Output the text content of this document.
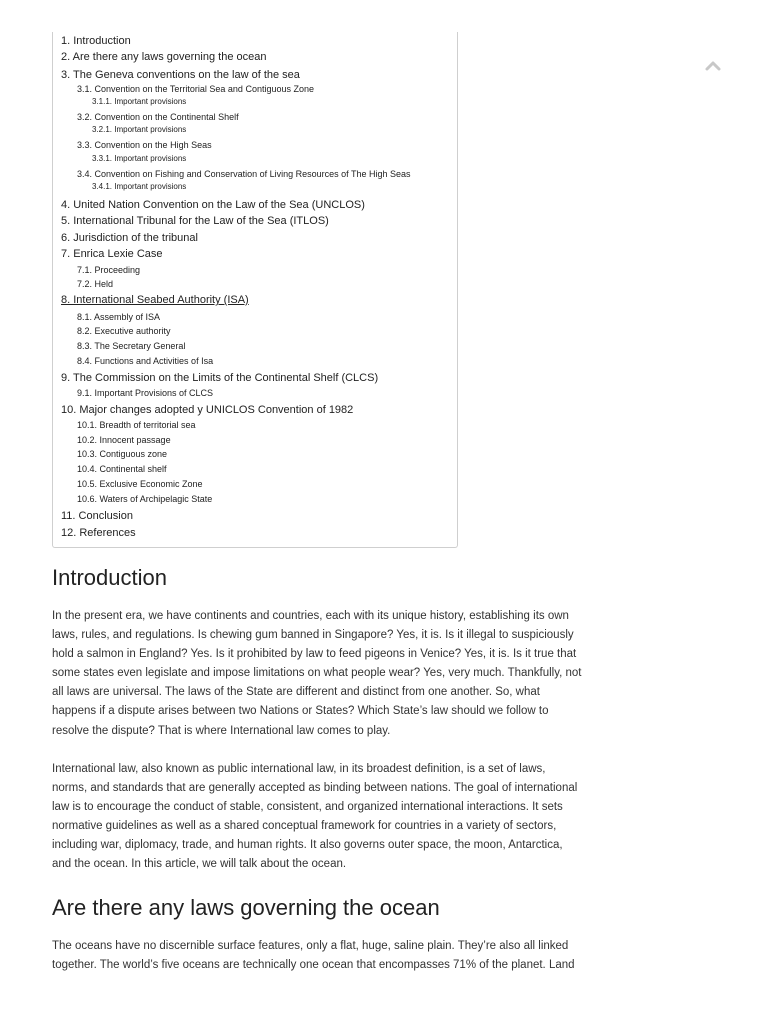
1. Introduction
2. Are there any laws governing the ocean
3. The Geneva conventions on the law of the sea
3.1. Convention on the Territorial Sea and Contiguous Zone
3.1.1. Important provisions
3.2. Convention on the Continental Shelf
3.2.1. Important provisions
3.3. Convention on the High Seas
3.3.1. Important provisions
3.4. Convention on Fishing and Conservation of Living Resources of The High Seas
3.4.1. Important provisions
4. United Nation Convention on the Law of the Sea (UNCLOS)
5. International Tribunal for the Law of the Sea (ITLOS)
6. Jurisdiction of the tribunal
7. Enrica Lexie Case
7.1. Proceeding
7.2. Held
8. International Seabed Authority (ISA)
8.1. Assembly of ISA
8.2. Executive authority
8.3. The Secretary General
8.4. Functions and Activities of Isa
9. The Commission on the Limits of the Continental Shelf (CLCS)
9.1. Important Provisions of CLCS
10. Major changes adopted y UNICLOS Convention of 1982
10.1. Breadth of territorial sea
10.2. Innocent passage
10.3. Contiguous zone
10.4. Continental shelf
10.5. Exclusive Economic Zone
10.6. Waters of Archipelagic State
11. Conclusion
12. References
Introduction

In the present era, we have continents and countries, each with its unique history, establishing its own laws, rules, and regulations. Is chewing gum banned in Singapore? Yes, it is. Is it illegal to suspiciously hold a salmon in England? Yes. Is it prohibited by law to feed pigeons in Venice? Yes, it is. Is it true that some states even legislate and impose limitations on what people wear? Yes, very much. Thankfully, not all laws are universal. The laws of the State are different and distinct from one another. So, what happens if a dispute arises between two Nations or States? Which State’s law should we follow to resolve the dispute? That is where International law comes to play.

International law, also known as public international law, in its broadest definition, is a set of laws, norms, and standards that are generally accepted as binding between nations. The goal of international law is to encourage the conduct of stable, consistent, and organized international interactions. It sets normative guidelines as well as a shared conceptual framework for countries in a variety of sectors, including war, diplomacy, trade, and human rights. It also governs outer space, the moon, Antarctica, and the ocean. In this article, we will talk about the ocean.

Are there any laws governing the ocean

The oceans have no discernible surface features, only a flat, huge, saline plain. They’re also all linked together. The world’s five oceans are technically one ocean that encompasses 71% of the planet. Land
